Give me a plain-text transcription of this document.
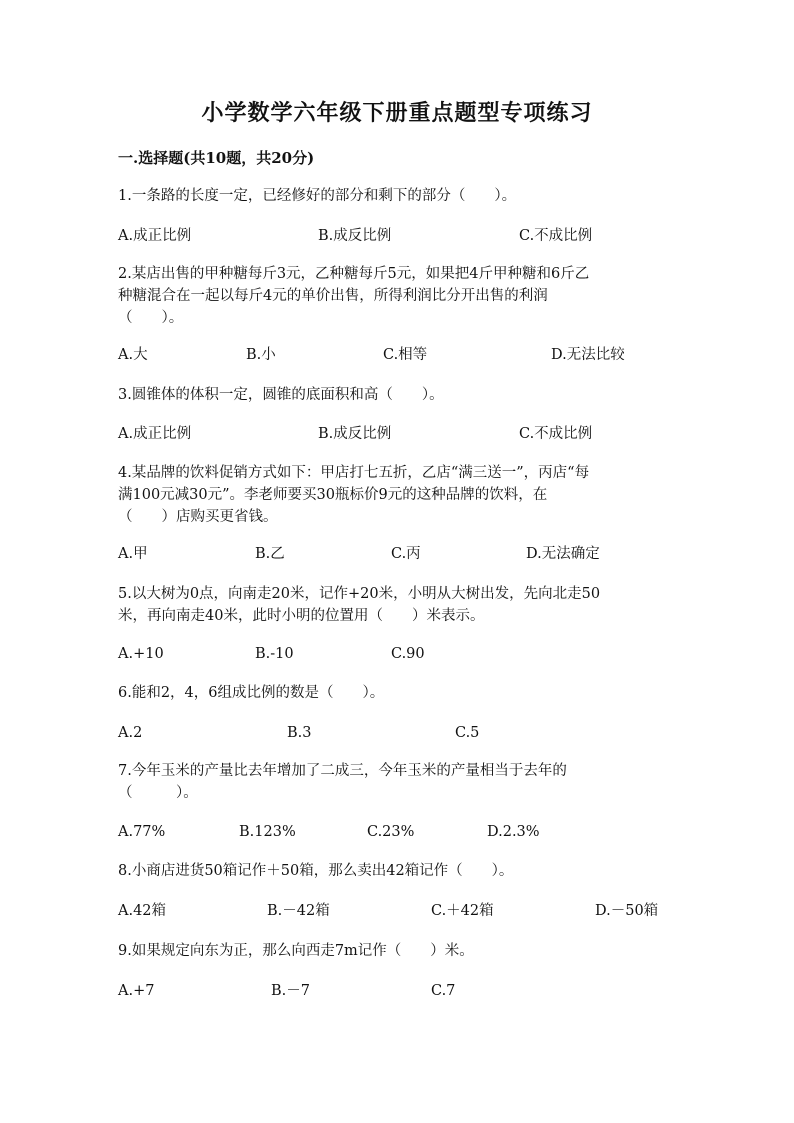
小学数学六年级下册重点题型专项练习
一.选择题(共10题，共20分)
1.一条路的长度一定，已经修好的部分和剩下的部分（　　）。
A.成正比例	B.成反比例	C.不成比例
2.某店出售的甲种糖每斤3元，乙种糖每斤5元，如果把4斤甲种糖和6斤乙
种糖混合在一起以每斤4元的单价出售，所得利润比分开出售的利润
（　　）。
A.大	B.小	C.相等	D.无法比较
3.圆锥体的体积一定，圆锥的底面积和高（　　）。
A.成正比例	B.成反比例	C.不成比例
4.某品牌的饮料促销方式如下：甲店打七五折，乙店“满三送一”，丙店“每
满100元减30元”。李老师要买30瓶标价9元的这种品牌的饮料，在
（　　）店购买更省钱。
A.甲	B.乙	C.丙	D.无法确定
5.以大树为0点，向南走20米，记作+20米，小明从大树出发，先向北走50
米，再向南走40米，此时小明的位置用（　　）米表示。
A.+10	B.-10	C.90
6.能和2，4，6组成比例的数是（　　）。
A.2	B.3	C.5
7.今年玉米的产量比去年增加了二成三，今年玉米的产量相当于去年的
（　　　）。
A.77%	B.123%	C.23%	D.2.3%
8.小商店进货50箱记作＋50箱，那么卖出42箱记作（　　）。
A.42箱	B.－42箱	C.＋42箱	D.－50箱
9.如果规定向东为正，那么向西走7m记作（　　）米。
A.+7	B.－7	C.7
